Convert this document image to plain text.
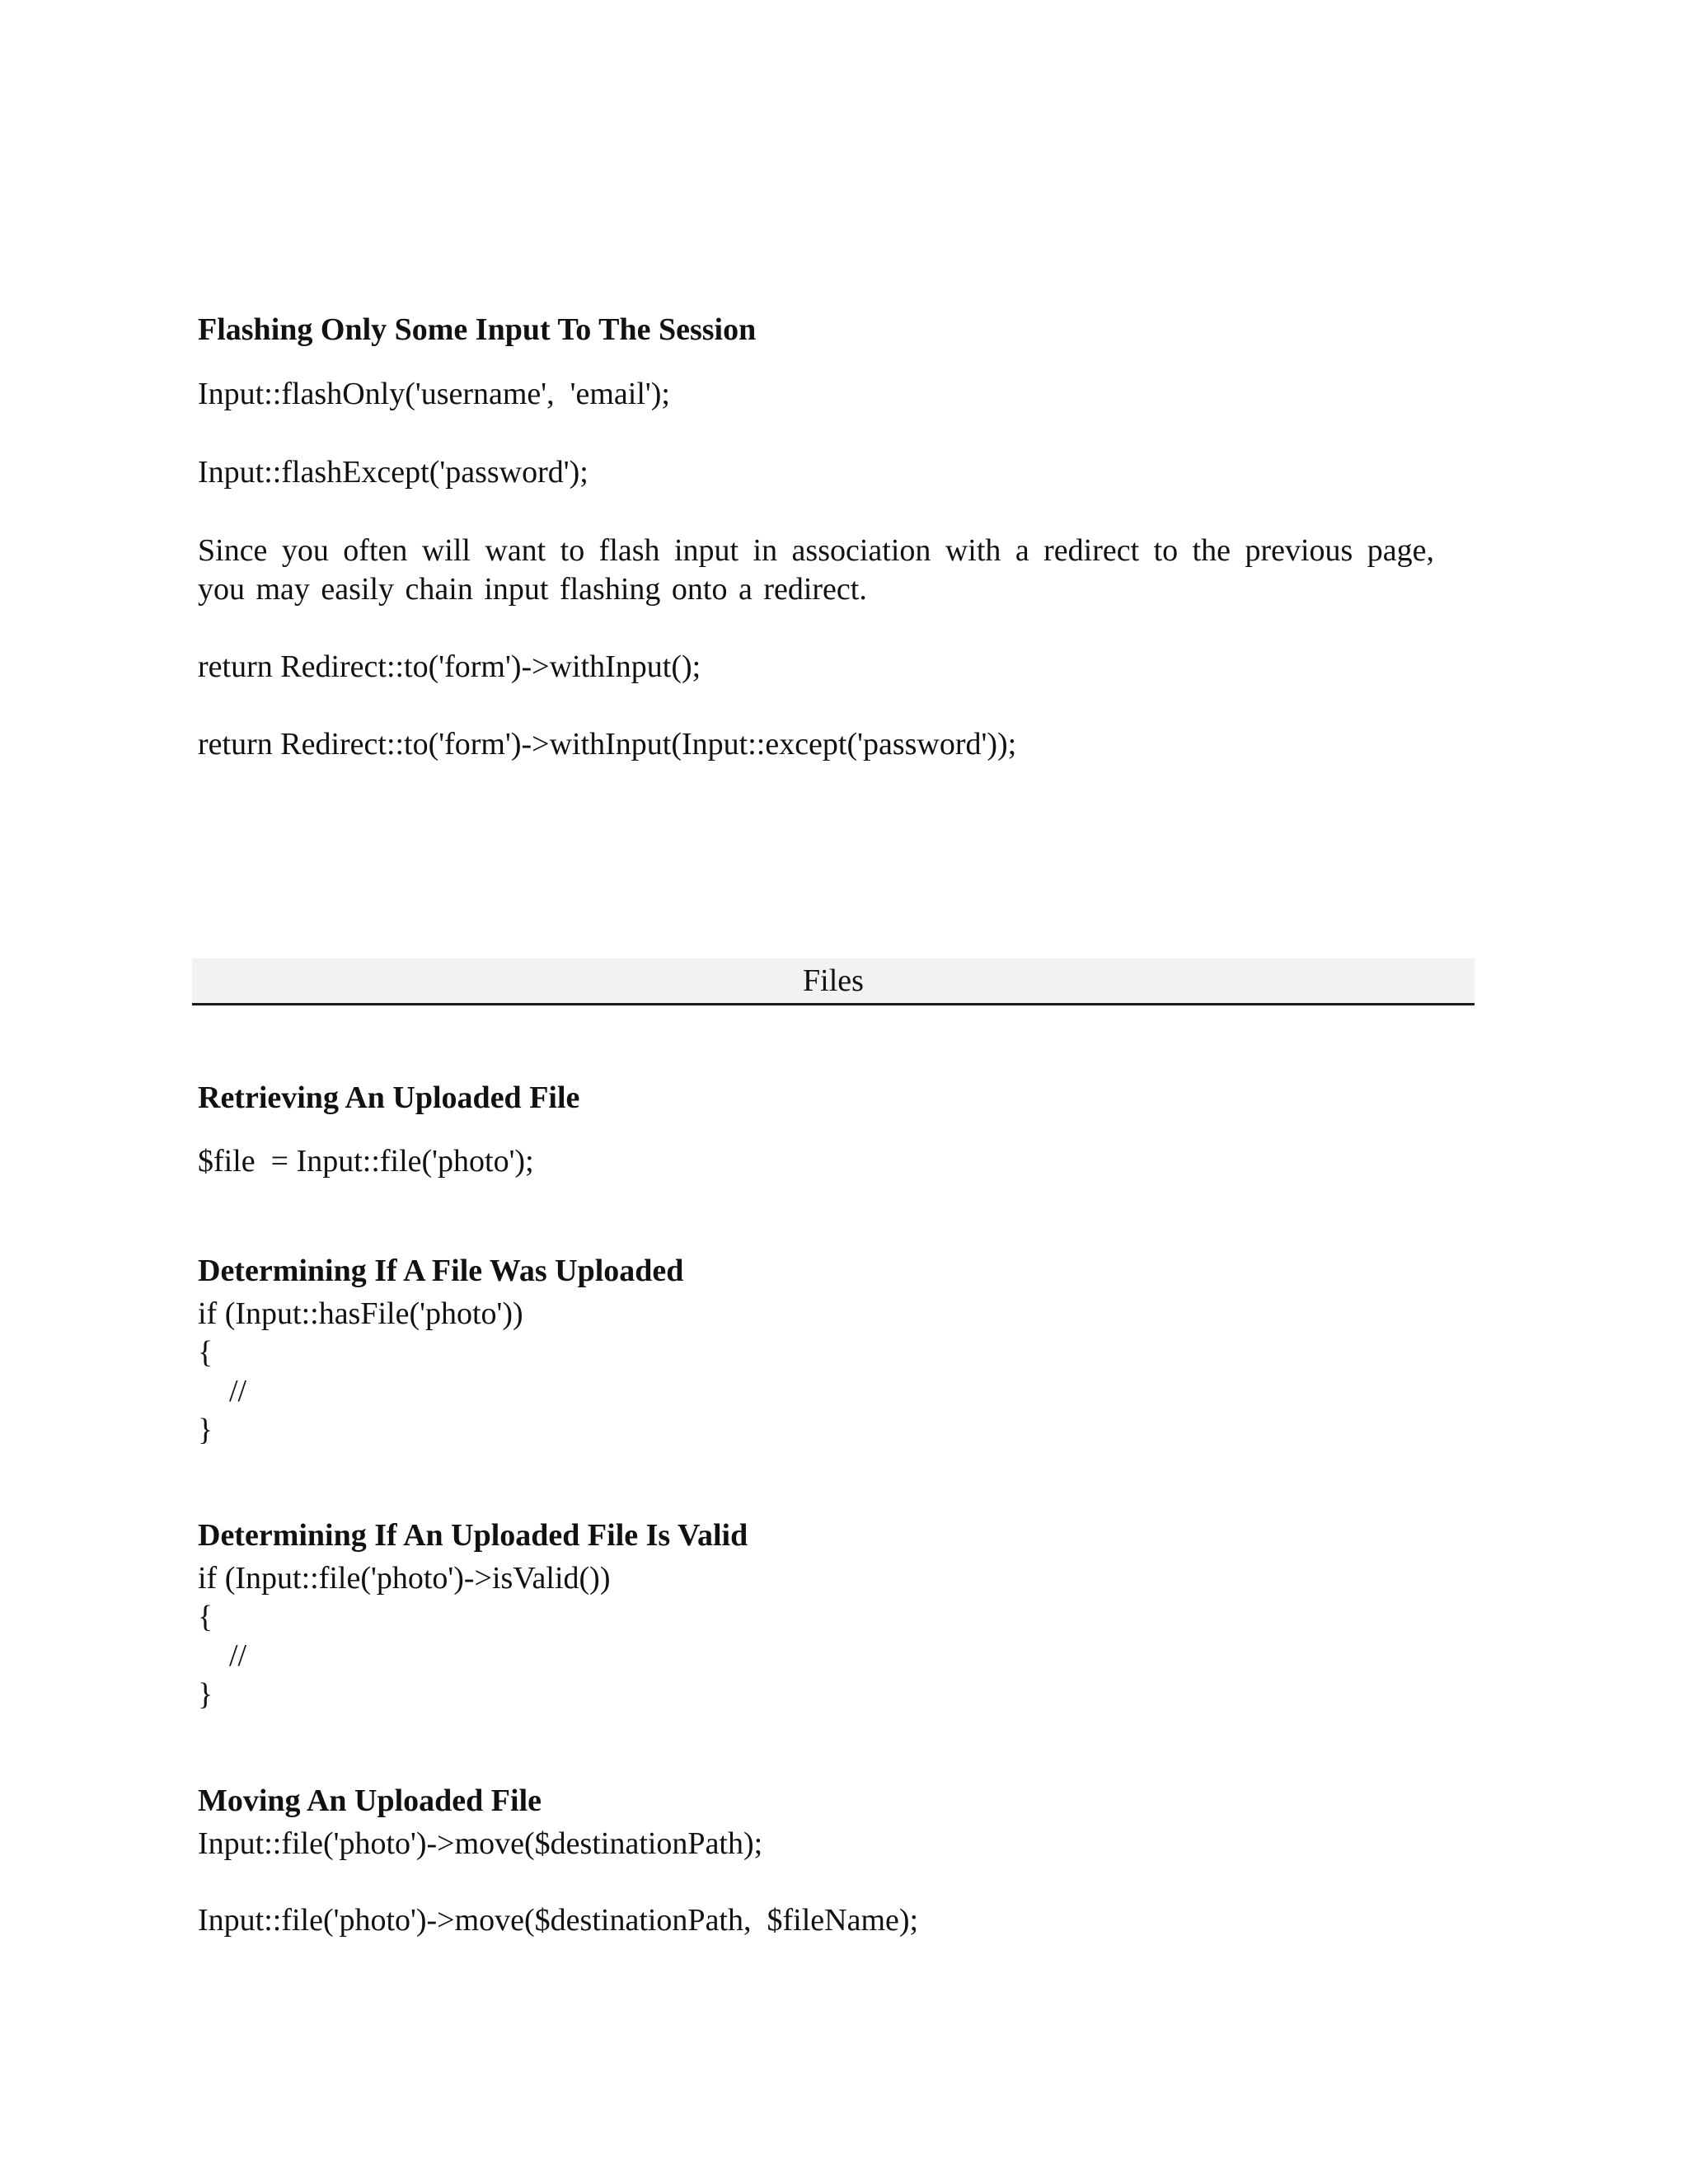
Flashing Only Some Input To The Session
Input::flashOnly('username',  'email');
Input::flashExcept('password');
Since you often will want to flash input in association with a redirect to the previous page, you may easily chain input flashing onto a redirect.
return Redirect::to('form')->withInput();
return Redirect::to('form')->withInput(Input::except('password'));
Files
Retrieving An Uploaded File
$file  = Input::file('photo');
Determining If A File Was Uploaded
if (Input::hasFile('photo'))
{
//
}
Determining If An Uploaded File Is Valid
if (Input::file('photo')->isValid())
{
//
}
Moving An Uploaded File
Input::file('photo')->move($destinationPath);
Input::file('photo')->move($destinationPath,  $fileName);
